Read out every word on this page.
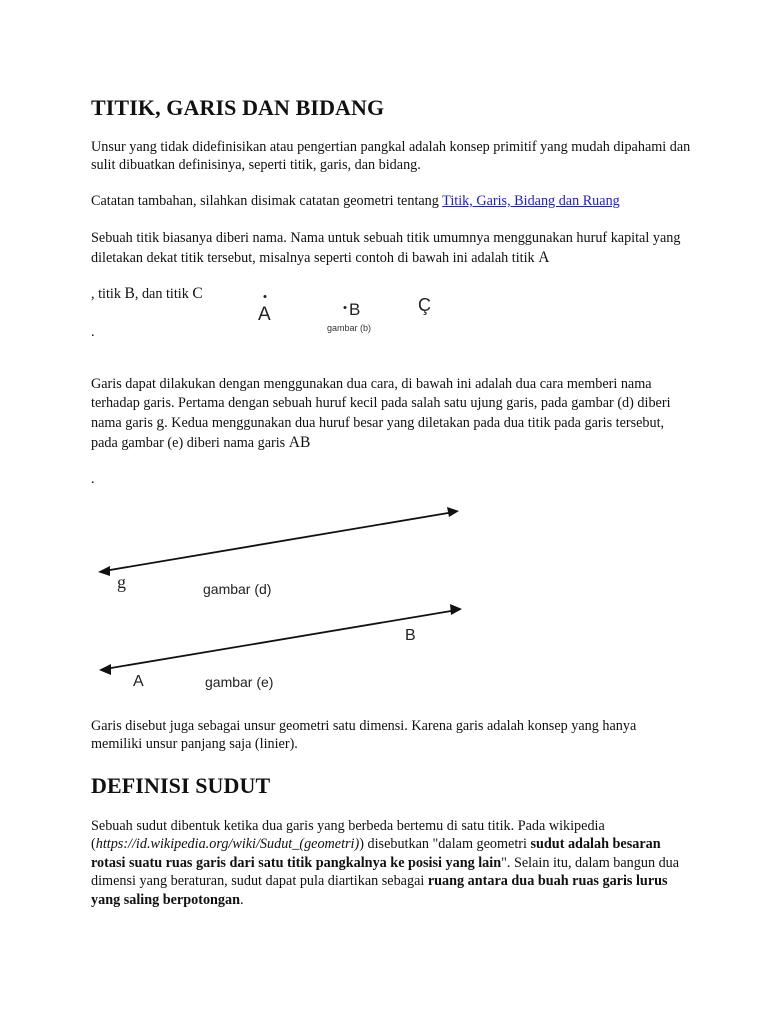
TITIK, GARIS DAN BIDANG

Unsur yang tidak didefinisikan atau pengertian pangkal adalah konsep primitif yang mudah dipahami dan sulit dibuatkan definisinya, seperti titik, garis, dan bidang.

Catatan tambahan, silahkan disimak catatan geometri tentang Titik, Garis, Bidang dan Ruang

Sebuah titik biasanya diberi nama. Nama untuk sebuah titik umumnya menggunakan huruf kapital yang diletakan dekat titik tersebut, misalnya seperti contoh di bawah ini adalah titik A

, titik B, dan titik C

.

A	B	Ç
gambar (b)

Garis dapat dilakukan dengan menggunakan dua cara, di bawah ini adalah dua cara memberi nama terhadap garis. Pertama dengan sebuah huruf kecil pada salah satu ujung garis, pada gambar (d) diberi nama garis g. Kedua menggunakan dua huruf besar yang diletakan pada dua titik pada garis tersebut, pada gambar (e) diberi nama garis AB

.

g	gambar (d)
B
A	gambar (e)

Garis disebut juga sebagai unsur geometri satu dimensi. Karena garis adalah konsep yang hanya memiliki unsur panjang saja (linier).

DEFINISI SUDUT

Sebuah sudut dibentuk ketika dua garis yang berbeda bertemu di satu titik. Pada wikipedia (https://id.wikipedia.org/wiki/Sudut_(geometri)) disebutkan "dalam geometri sudut adalah besaran rotasi suatu ruas garis dari satu titik pangkalnya ke posisi yang lain". Selain itu, dalam bangun dua dimensi yang beraturan, sudut dapat pula diartikan sebagai ruang antara dua buah ruas garis lurus yang saling berpotongan.
